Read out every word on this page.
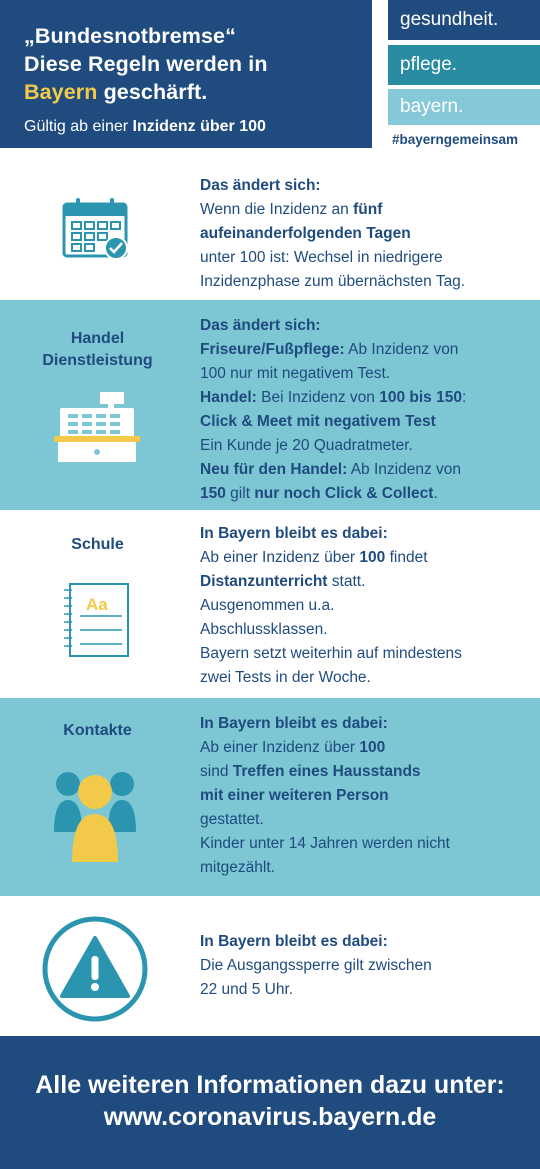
„Bundesnotbremse“
Diese Regeln werden in
Bayern geschärft.
Gültig ab einer Inzidenz über 100
gesundheit.
pflege.
bayern.
#bayerngemeinsam
Das ändert sich:
Wenn die Inzidenz an fünf
aufeinanderfolgenden Tagen
unter 100 ist: Wechsel in niedrigere
Inzidenzphase zum übernächsten Tag.
Handel
Dienstleistung
Das ändert sich:
Friseure/Fußpflege: Ab Inzidenz von
100 nur mit negativem Test.
Handel: Bei Inzidenz von 100 bis 150:
Click & Meet mit negativem Test
Ein Kunde je 20 Quadratmeter.
Neu für den Handel: Ab Inzidenz von
150 gilt nur noch Click & Collect.
Schule
Aa
In Bayern bleibt es dabei:
Ab einer Inzidenz über 100 findet
Distanzunterricht statt.
Ausgenommen u.a.
Abschlussklassen.
Bayern setzt weiterhin auf mindestens
zwei Tests in der Woche.
Kontakte	In Bayern bleibt es dabei:
Ab einer Inzidenz über 100
sind Treffen eines Hausstands
mit einer weiteren Person
gestattet.
Kinder unter 14 Jahren werden nicht
mitgezählt.
In Bayern bleibt es dabei:
Die Ausgangssperre gilt zwischen
22 und 5 Uhr.
Alle weiteren Informationen dazu unter:
www.coronavirus.bayern.de
